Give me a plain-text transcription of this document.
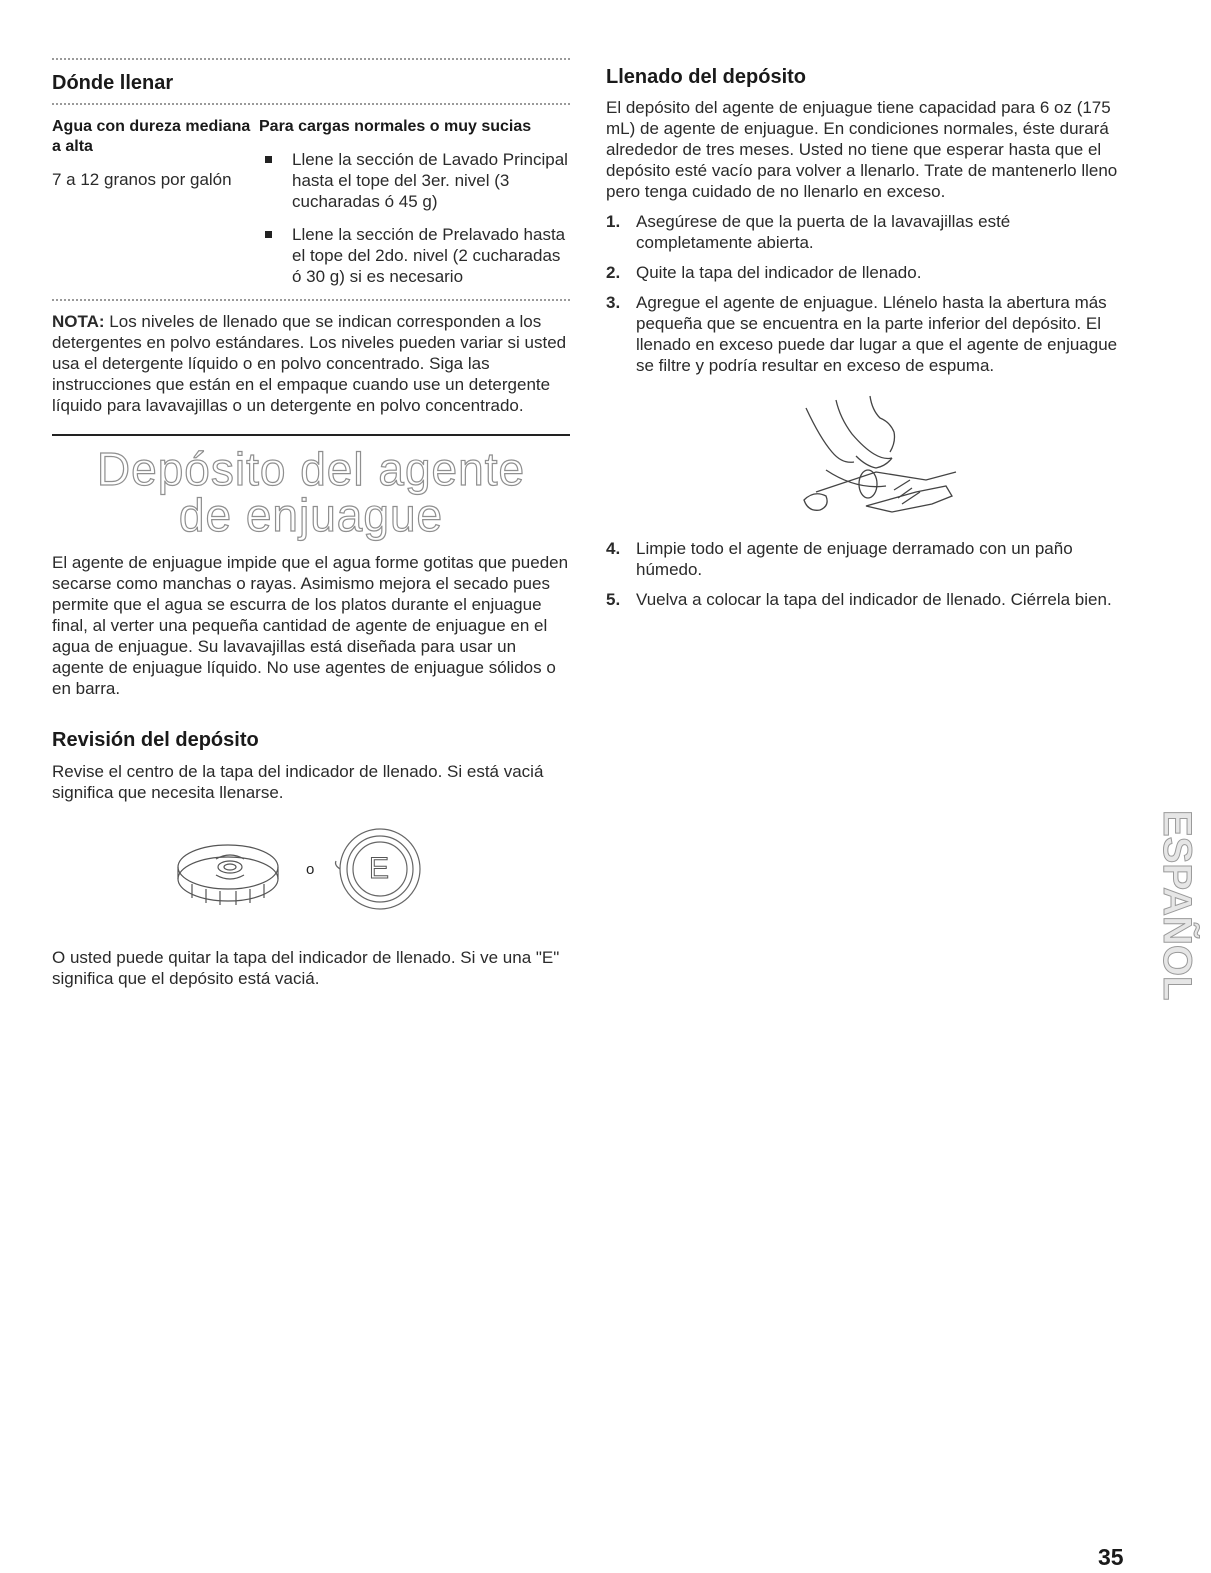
Dónde llenar
Agua con dureza mediana a alta
7 a 12 granos por galón
Para cargas normales o muy sucias
Llene la sección de Lavado Principal hasta el tope del 3er. nivel (3 cucharadas ó 45 g)
Llene la sección de Prelavado hasta el tope del 2do. nivel (2 cucharadas ó 30 g) si es necesario

NOTA: Los niveles de llenado que se indican corresponden a los detergentes en polvo estándares. Los niveles pueden variar si usted usa el detergente líquido o en polvo concentrado. Siga las instrucciones que están en el empaque cuando use un detergente líquido para lavavajillas o un detergente en polvo concentrado.

Depósito del agente
de enjuague

El agente de enjuague impide que el agua forme gotitas que pueden secarse como manchas o rayas. Asimismo mejora el secado pues permite que el agua se escurra de los platos durante el enjuague final, al verter una pequeña cantidad de agente de enjuague en el agua de enjuague. Su lavavajillas está diseñada para usar un agente de enjuague líquido. No use agentes de enjuague sólidos o en barra.

Revisión del depósito

Revise el centro de la tapa del indicador de llenado. Si está vaciá significa que necesita llenarse.

o E

O usted puede quitar la tapa del indicador de llenado. Si ve una "E" significa que el depósito está vaciá.

Llenado del depósito

El depósito del agente de enjuague tiene capacidad para 6 oz (175 mL) de agente de enjuague. En condiciones normales, éste durará alrededor de tres meses. Usted no tiene que esperar hasta que el depósito esté vacío para volver a llenarlo. Trate de mantenerlo lleno pero tenga cuidado de no llenarlo en exceso.

1. Asegúrese de que la puerta de la lavavajillas esté completamente abierta.
2. Quite la tapa del indicador de llenado.
3. Agregue el agente de enjuague. Llénelo hasta la abertura más pequeña que se encuentra en la parte inferior del depósito. El llenado en exceso puede dar lugar a que el agente de enjuague se filtre y podría resultar en exceso de espuma.
4. Limpie todo el agente de enjuage derramado con un paño húmedo.
5. Vuelva a colocar la tapa del indicador de llenado. Ciérrela bien.
ESPAÑOL
35
